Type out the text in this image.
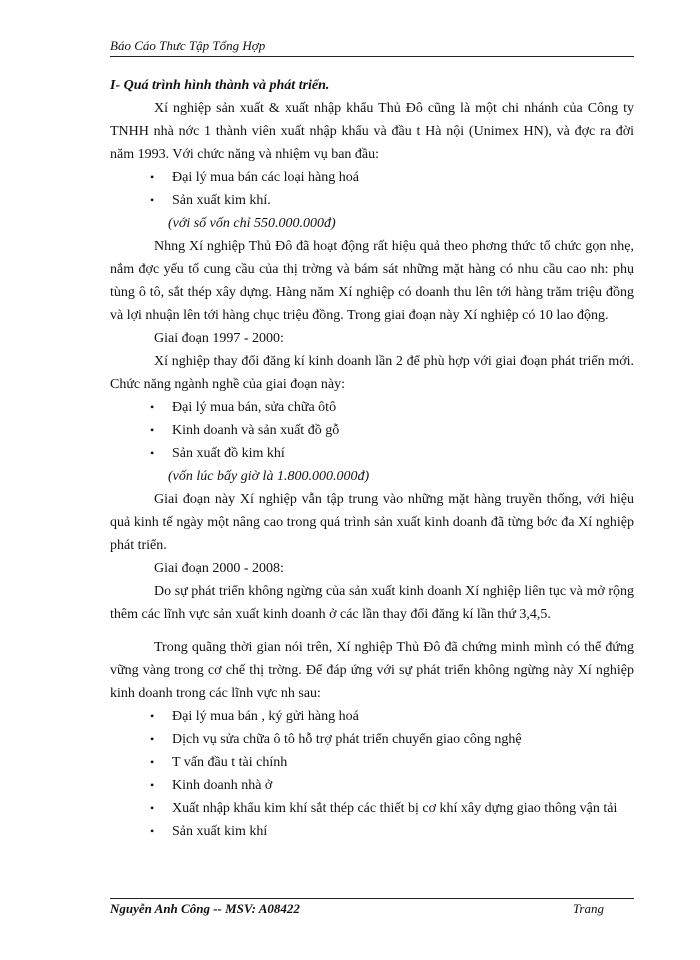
Báo Cáo Thưc Tập Tổng Hợp
I- Quá trình hình thành và phát triển.

Xí nghiệp sản xuất & xuất nhập khẩu Thủ Đô cũng là một chi nhánh của Công ty TNHH nhà nớc 1 thành viên xuất nhập khẩu và đầu t Hà nội (Unimex HN), và đợc ra đời năm 1993. Với chức năng và nhiệm vụ ban đầu:

• Đại lý mua bán các loại hàng hoá
• Sản xuất kim khí.

(với số vốn chỉ 550.000.000đ)

Nhng Xí nghiệp Thủ Đô đã hoạt động rất hiệu quả theo phơng thức tổ chức gọn nhẹ, nắm đợc yếu tố cung cầu của thị trờng và bám sát những mặt hàng có nhu cầu cao nh: phụ tùng ô tô, sắt thép xây dựng. Hàng năm Xí nghiệp có doanh thu lên tới hàng trăm triệu đồng và lợi nhuận lên tới hàng chục triệu đồng. Trong giai đoạn này Xí nghiệp có 10 lao động.

Giai đoạn 1997 - 2000:

Xí nghiệp thay đổi đăng kí kinh doanh lần 2 để phù hợp với giai đoạn phát triển mới. Chức năng ngành nghề của giai đoạn này:

• Đại lý mua bán, sửa chữa ôtô
• Kinh doanh và sản xuất đồ gỗ
• Sản xuất đồ kim khí

(vốn lúc bấy giờ là 1.800.000.000đ)

Giai đoạn này Xí nghiệp vẫn tập trung vào những mặt hàng truyền thống, với hiệu quả kinh tế ngày một nâng cao trong quá trình sản xuất kinh doanh đã từng bớc đa Xí nghiệp phát triển.

Giai đoạn 2000 - 2008:

Do sự phát triển không ngừng của sản xuất kinh doanh Xí nghiệp liên tục và mở rộng thêm các lĩnh vực sản xuất kinh doanh ở các lần thay đổi đăng kí lần thứ 3,4,5.

Trong quãng thời gian nói trên, Xí nghiệp Thủ Đô đã chứng minh mình có thể đứng vững vàng trong cơ chế thị trờng. Để đáp ứng với sự phát triển không ngừng này Xí nghiệp kinh doanh trong các lĩnh vực nh sau:

• Đại lý mua bán , ký gửi hàng hoá
• Dịch vụ sửa chữa ô tô hỗ trợ phát triển chuyển giao công nghệ
• T vấn đầu t tài chính
• Kinh doanh nhà ở
• Xuất nhập khẩu kim khí sắt thép các thiết bị cơ khí xây dựng giao thông vận tải
• Sản xuất kim khí
Nguyễn Anh Công -- MSV: A08422	Trang
